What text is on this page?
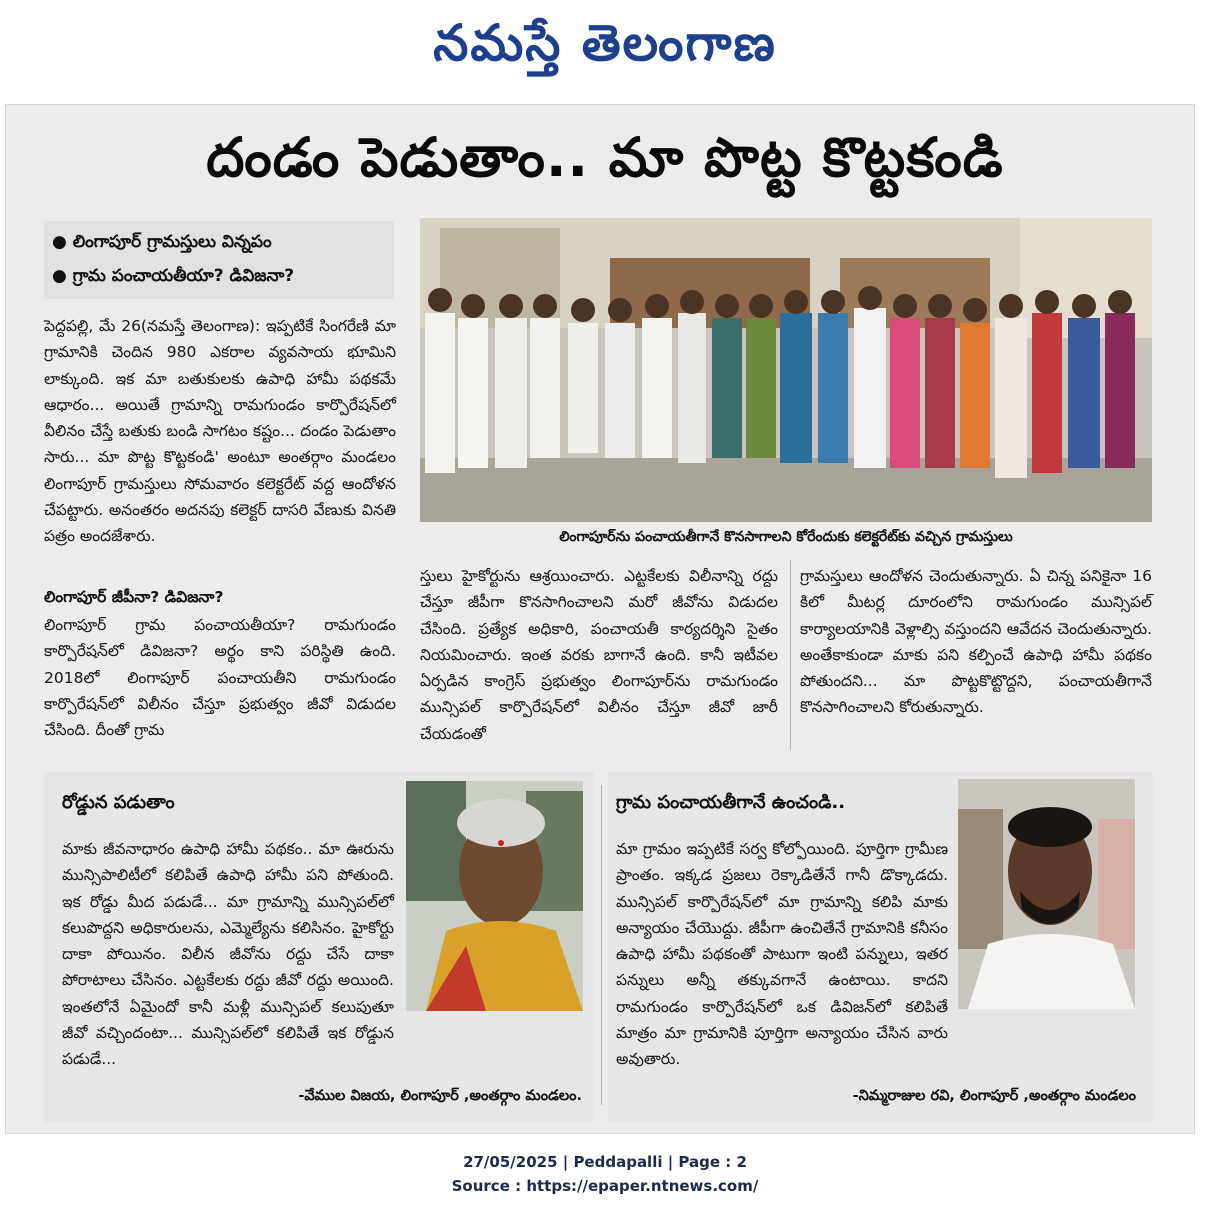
నమస్తే తెలంగాణ
దండం పెడుతాం.. మా పొట్ట కొట్టకండి
● లింగాపూర్ గ్రామస్తులు విన్నపం
● గ్రామ పంచాయతీయా? డివిజనా?

పెద్దపల్లి, మే 26(నమస్తే తెలంగాణ): ఇప్పటికే సింగరేణి మా గ్రామానికి చెందిన 980 ఎకరాల వ్యవసాయ భూమిని లాక్కుంది. ఇక మా బతుకులకు ఉపాధి హామీ పథకమే ఆధారం... అయితే గ్రామాన్ని రామగుండం కార్పొరేషన్‌లో వీలినం చేస్తే బతుకు బండి సాగటం కష్టం... దండం పెడుతాం సారు... మా పొట్ట కొట్టకండి' అంటూ అంతర్గాం మండలం లింగాపూర్ గ్రామస్తులు సోమవారం కలెక్టరేట్ వద్ద ఆందోళన చేపట్టారు. అనంతరం అదనపు కలెక్టర్ దాసరి వేణుకు వినతి పత్రం అందజేశారు.

లింగాపూర్ జీపీనా? డివిజనా?

లింగాపూర్ గ్రామ పంచాయతీయా? రామగుండం కార్పొరేషన్‌లో డివిజనా? అర్థం కాని పరిస్థితి ఉంది. 2018లో లింగాపూర్ పంచాయతీని రామగుండం కార్పొరేషన్‌లో విలీనం చేస్తూ ప్రభుత్వం జీవో విడుదల చేసింది. దీంతో గ్రామ

లింగాపూర్‌ను పంచాయతీగానే కొనసాగాలని కోరేందుకు కలెక్టరేట్‌కు వచ్చిన గ్రామస్తులు

స్తులు హైకోర్టును ఆశ్రయించారు. ఎట్టకేలకు విలీనాన్ని రద్దు చేస్తూ జీపీగా కొనసాగించాలని మరో జీవోను విడుదల చేసింది. ప్రత్యేక అధికారి, పంచాయతీ కార్యదర్శిని సైతం నియమించారు. ఇంత వరకు బాగానే ఉంది. కానీ ఇటీవల ఏర్పడిన కాంగ్రెస్ ప్రభుత్వం లింగాపూర్‌ను రామగుండం మున్సిపల్ కార్పొరేషన్‌లో విలీనం చేస్తూ జీవో జారీ చేయడంతో

గ్రామస్తులు ఆందోళన చెందుతున్నారు. ఏ చిన్న పనికైనా 16 కిలో మీటర్ల దూరంలోని రామగుండం మున్సిపల్ కార్యాలయానికి వెళ్లాల్సి వస్తుందని ఆవేదన చెందుతున్నారు. అంతేకాకుండా మాకు పని కల్పించే ఉపాధి హామీ పథకం పోతుందని... మా పొట్టకొట్టొద్దని, పంచాయతీగానే కొనసాగించాలని కోరుతున్నారు.

రోడ్డున పడుతాం

మాకు జీవనాధారం ఉపాధి హామీ పథకం.. మా ఊరును మున్సిపాలిటీలో కలిపితే ఉపాధి హామీ పని పోతుంది. ఇక రోడ్డు మీద పడుడే... మా గ్రామాన్ని మున్సిపల్‌లో కలుపొద్దని అధికారులను, ఎమ్మెల్యేను కలిసినం. హైకోర్టు దాకా పోయినం. విలీన జీవోను రద్దు చేసే దాకా పోరాటాలు చేసినం. ఎట్టకేలకు రద్దు జీవో రద్దు అయింది. ఇంతలోనే ఏమైందో కానీ మళ్లీ మున్సిపల్ కలుపుతూ జీవో వచ్చిందంటా... మున్సిపల్‌లో కలిపితే ఇక రోడ్డున పడుడే...

-వేముల విజయ, లింగాపూర్ ,అంతర్గాం మండలం.
గ్రామ పంచాయతీగానే ఉంచండి..

మా గ్రామం ఇప్పటికే సర్వ కోల్పోయింది. పూర్తిగా గ్రామీణ ప్రాంతం. ఇక్కడ ప్రజలు రెక్కాడితేనే గానీ డొక్కాడదు. మున్సిపల్ కార్పొరేషన్‌లో మా గ్రామాన్ని కలిపి మాకు అన్యాయం చేయొద్దు. జీపీగా ఉంచితేనే గ్రామానికి కనీసం ఉపాధి హామీ పథకంతో పాటుగా ఇంటి పన్నులు, ఇతర పన్నులు అన్నీ తక్కువగానే ఉంటాయి. కాదని రామగుండం కార్పొరేషన్‌లో ఒక డివిజన్‌లో కలిపితే మాత్రం మా గ్రామానికి పూర్తిగా అన్యాయం చేసిన వారు అవుతారు.

-నిమ్మరాజుల రవి, లింగాపూర్ ,అంతర్గాం మండలం
27/05/2025 | Peddapalli | Page : 2
Source : https://epaper.ntnews.com/
